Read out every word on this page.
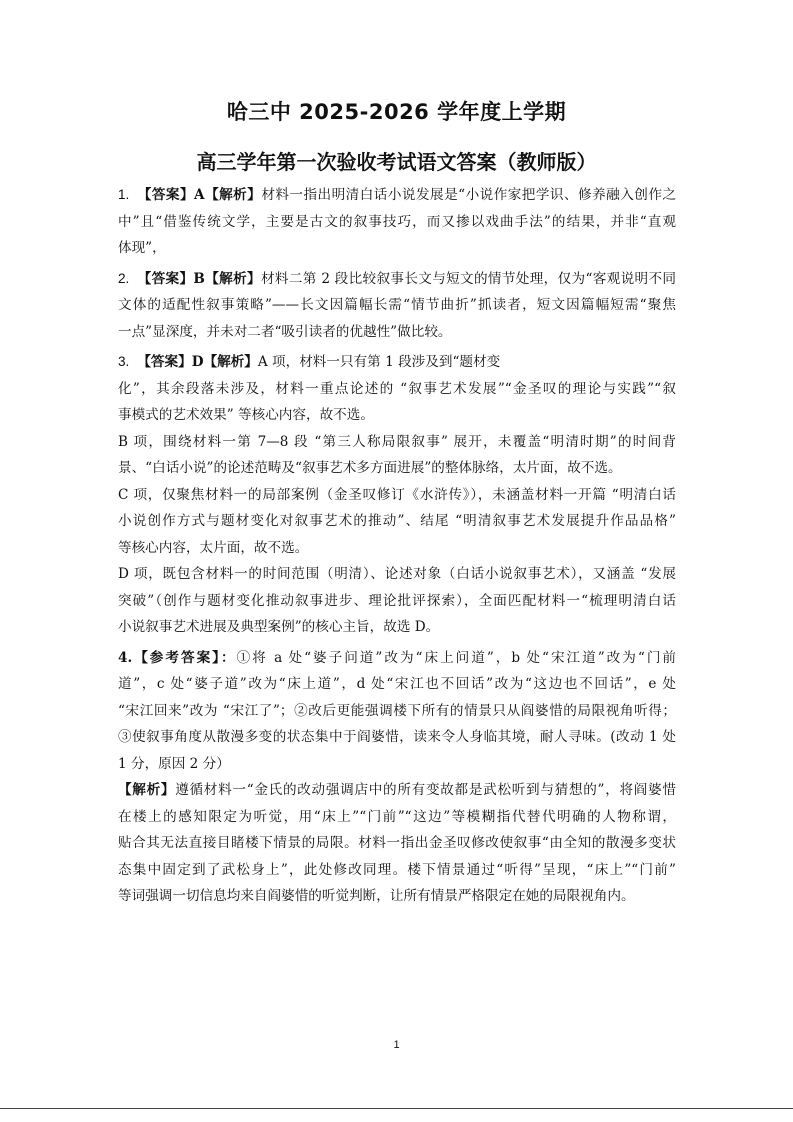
哈三中 2025-2026 学年度上学期
高三学年第一次验收考试语文答案（教师版）
1. 【答案】A【解析】材料一指出明清白话小说发展是“小说作家把学识、修养融入创作之
中”且“借鉴传统文学，主要是古文的叙事技巧，而又掺以戏曲手法”的结果，并非“直观
体现”，
2. 【答案】B【解析】材料二第 2 段比较叙事长文与短文的情节处理，仅为“客观说明不同
文体的适配性叙事策略”——长文因篇幅长需“情节曲折”抓读者，短文因篇幅短需“聚焦
一点”显深度，并未对二者“吸引读者的优越性”做比较。
3. 【答案】D【解析】A 项，材料一只有第 1 段涉及到“题材变
化”，其余段落未涉及，材料一重点论述的 “叙事艺术发展”“金圣叹的理论与实践”“叙
事模式的艺术效果” 等核心内容，故不选。
B 项，围绕材料一第 7—8 段 “第三人称局限叙事” 展开，未覆盖“明清时期”的时间背
景、“白话小说”的论述范畴及“叙事艺术多方面进展”的整体脉络，太片面，故不选。
C 项，仅聚焦材料一的局部案例（金圣叹修订《水浒传》），未涵盖材料一开篇 “明清白话
小说创作方式与题材变化对叙事艺术的推动”、结尾 “明清叙事艺术发展提升作品品格”
等核心内容，太片面，故不选。
D 项，既包含材料一的时间范围（明清）、论述对象（白话小说叙事艺术），又涵盖 “发展
突破”（创作与题材变化推动叙事进步、理论批评探索），全面匹配材料一“梳理明清白话
小说叙事艺术进展及典型案例”的核心主旨，故选 D。
4.【参考答案】：①将 a 处“婆子问道”改为“床上问道”，b 处“宋江道”改为“门前
道”，c 处“婆子道”改为“床上道”，d 处“宋江也不回话”改为“这边也不回话”，e 处
“宋江回来”改为 “宋江了”；②改后更能强调楼下所有的情景只从阎婆惜的局限视角听得；
③使叙事角度从散漫多变的状态集中于阎婆惜，读来令人身临其境，耐人寻味。(改动 1 处
1 分，原因 2 分）
【解析】遵循材料一“金氏的改动强调店中的所有变故都是武松听到与猜想的”，将阎婆惜
在楼上的感知限定为听觉，用“床上”“门前”“这边”等模糊指代替代明确的人物称谓，
贴合其无法直接目睹楼下情景的局限。材料一指出金圣叹修改使叙事“由全知的散漫多变状
态集中固定到了武松身上”，此处修改同理。楼下情景通过“听得”呈现，“床上”“门前”
等词强调一切信息均来自阎婆惜的听觉判断，让所有情景严格限定在她的局限视角内。
1
